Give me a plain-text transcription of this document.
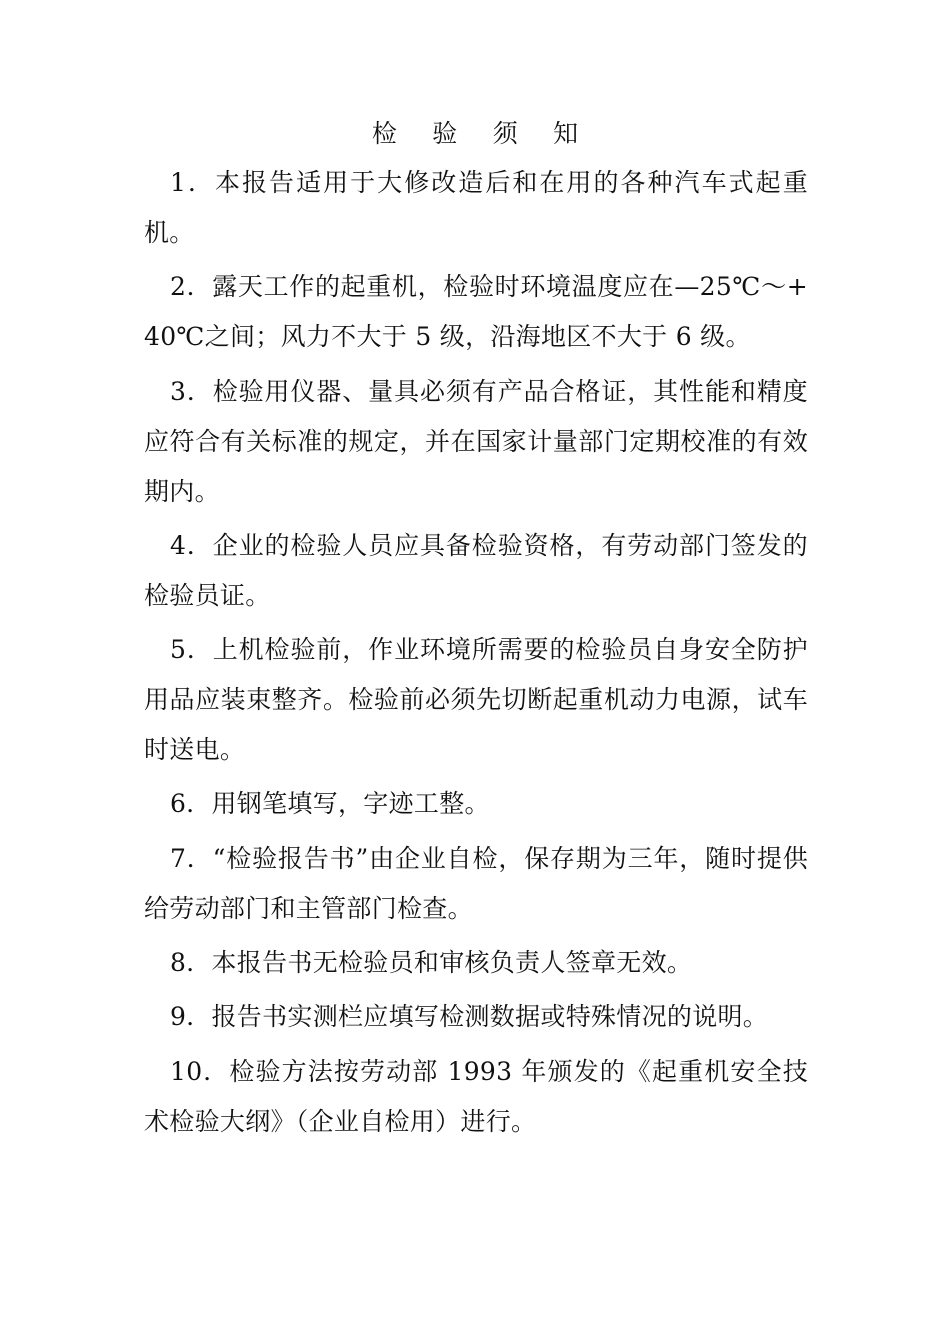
检 验 须 知

1．本报告适用于大修改造后和在用的各种汽车式起重机。

2．露天工作的起重机，检验时环境温度应在—25℃～+40℃之间；风力不大于 5 级，沿海地区不大于 6 级。

3．检验用仪器、量具必须有产品合格证，其性能和精度应符合有关标准的规定，并在国家计量部门定期校准的有效期内。

4．企业的检验人员应具备检验资格，有劳动部门签发的检验员证。

5．上机检验前，作业环境所需要的检验员自身安全防护用品应装束整齐。检验前必须先切断起重机动力电源，试车时送电。

6．用钢笔填写，字迹工整。

7．“检验报告书”由企业自检，保存期为三年，随时提供给劳动部门和主管部门检查。

8．本报告书无检验员和审核负责人签章无效。

9．报告书实测栏应填写检测数据或特殊情况的说明。

10．检验方法按劳动部 1993 年颁发的《起重机安全技术检验大纲》（企业自检用）进行。
